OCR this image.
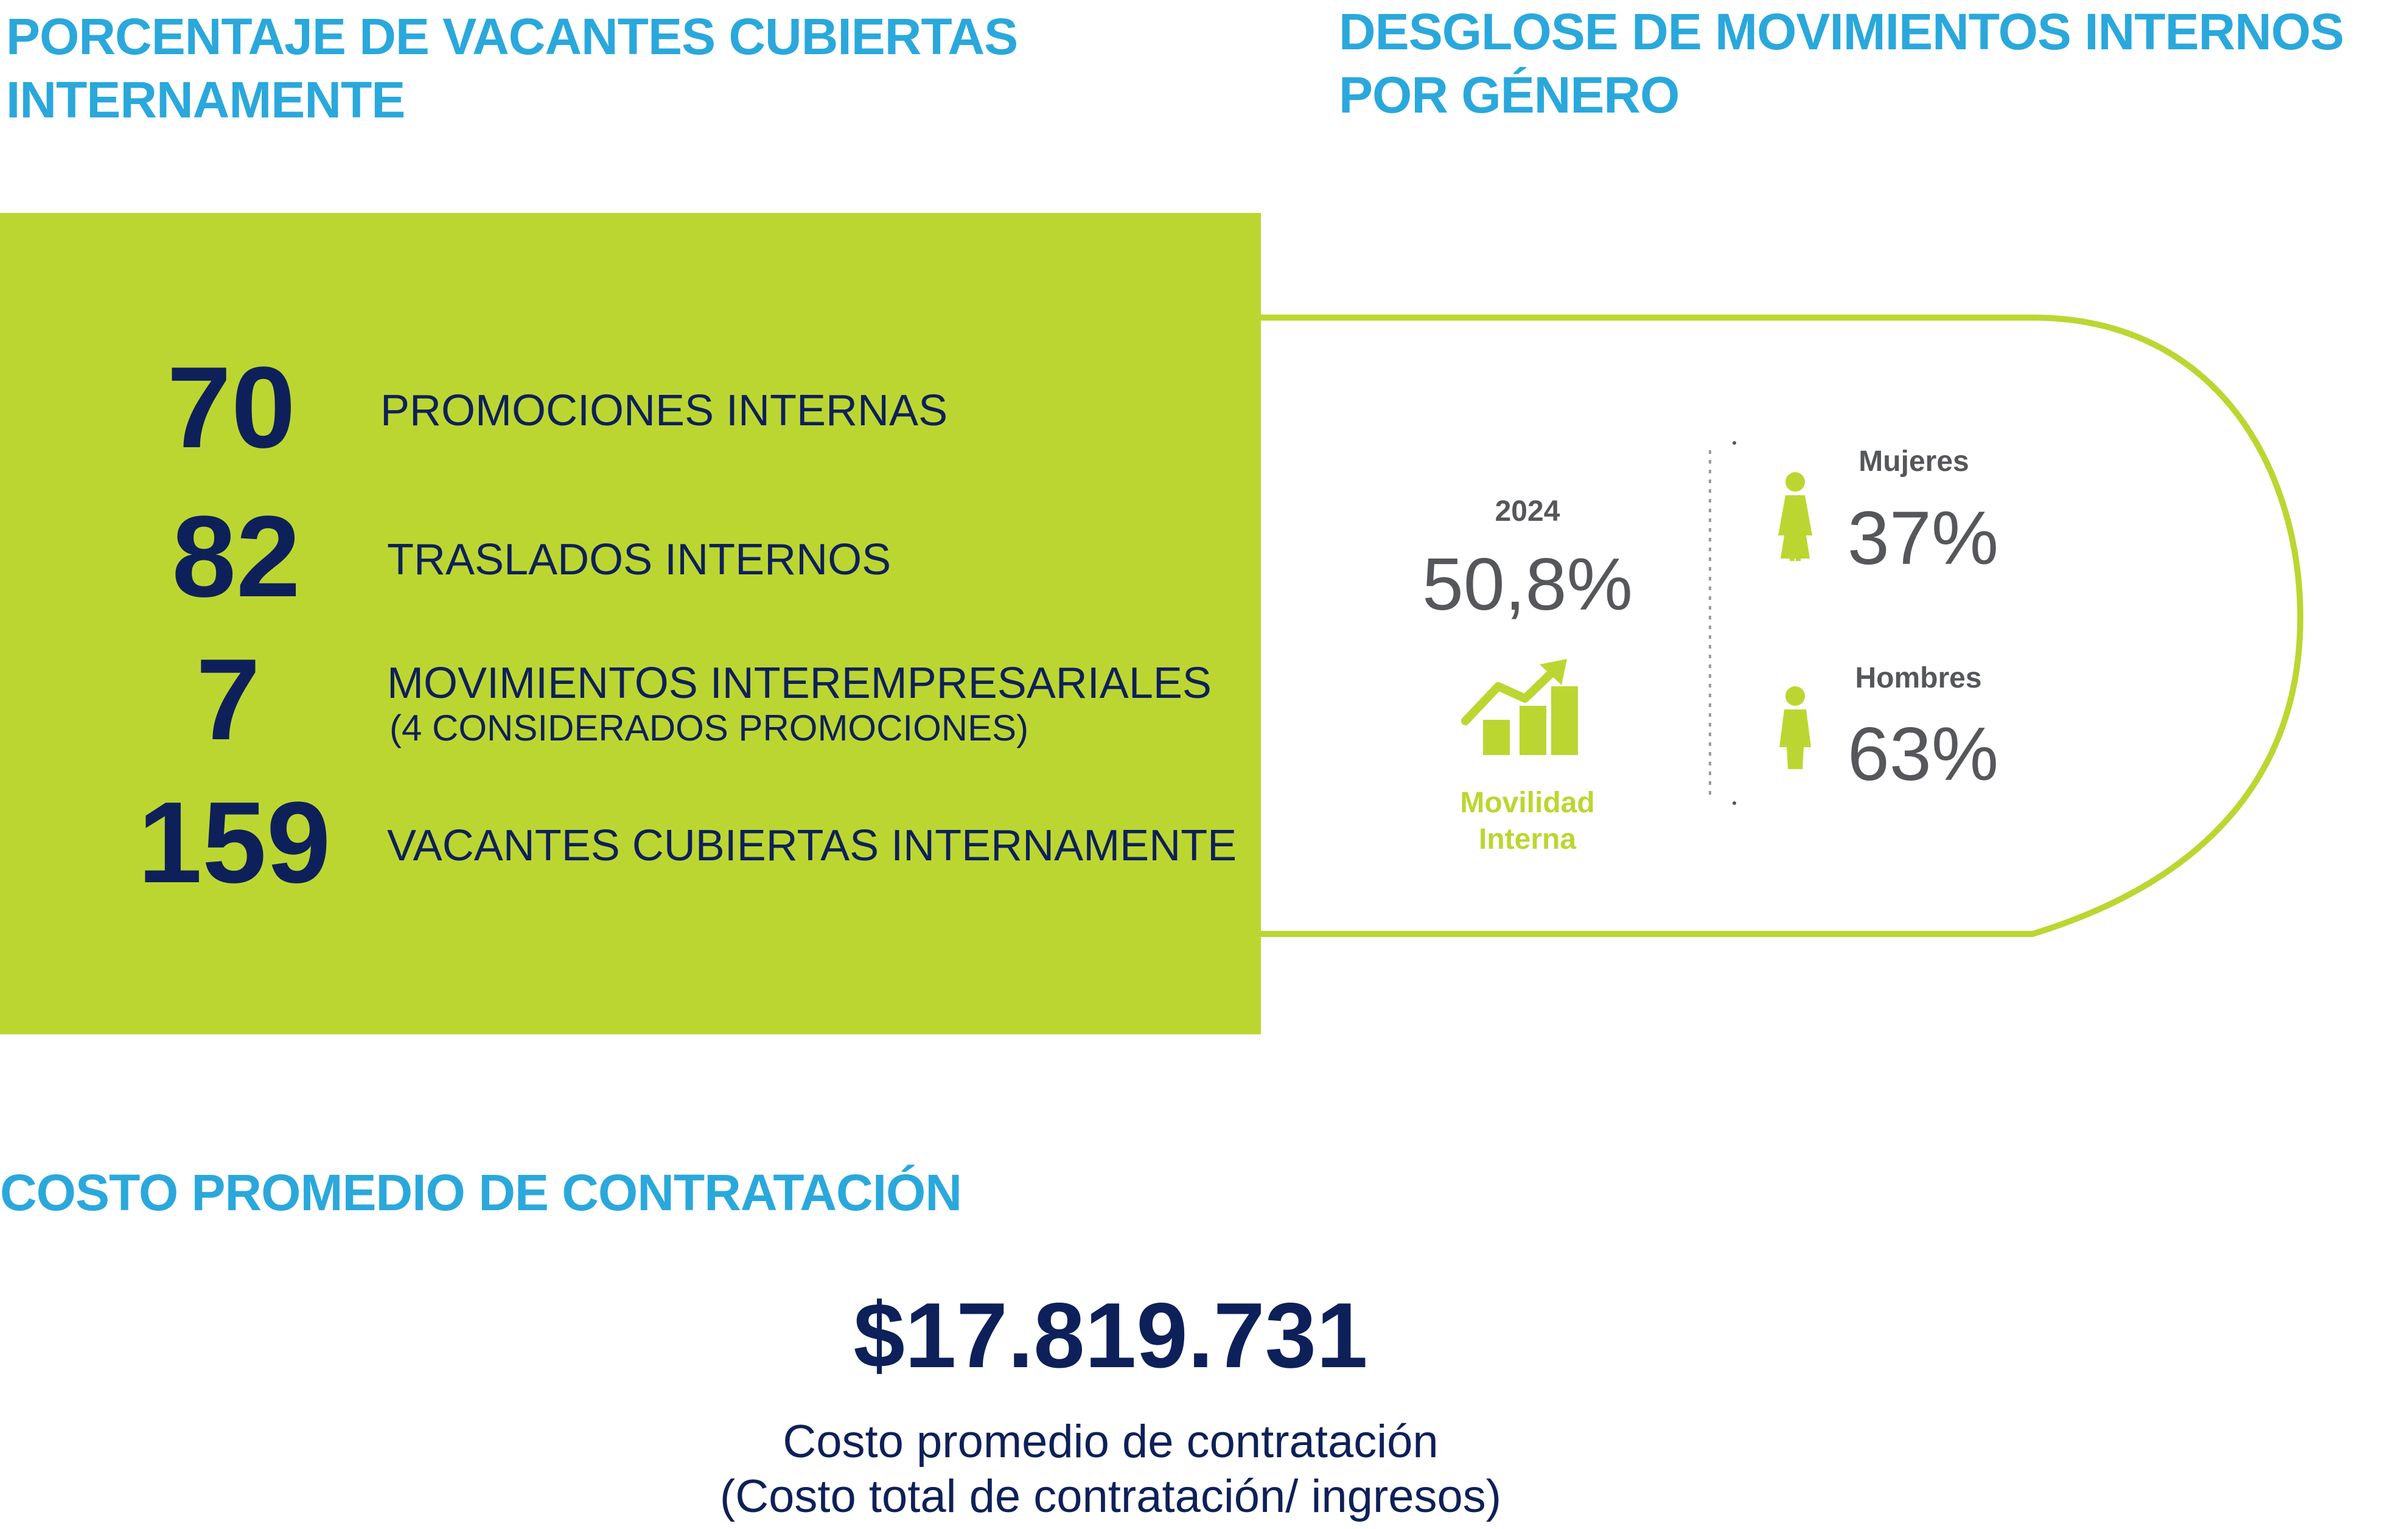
PORCENTAJE DE VACANTES CUBIERTAS INTERNAMENTE
DESGLOSE DE MOVIMIENTOS INTERNOS POR GÉNERO
70	PROMOCIONES INTERNAS
82	TRASLADOS INTERNOS
7	MOVIMIENTOS INTEREMPRESARIALES
(4 CONSIDERADOS PROMOCIONES)
159	VACANTES CUBIERTAS INTERNAMENTE
2024
50,8%
Movilidad
Interna
Mujeres
37%
Hombres
63%
COSTO PROMEDIO DE CONTRATACIÓN
$17.819.731
Costo promedio de contratación
(Costo total de contratación/ ingresos)
